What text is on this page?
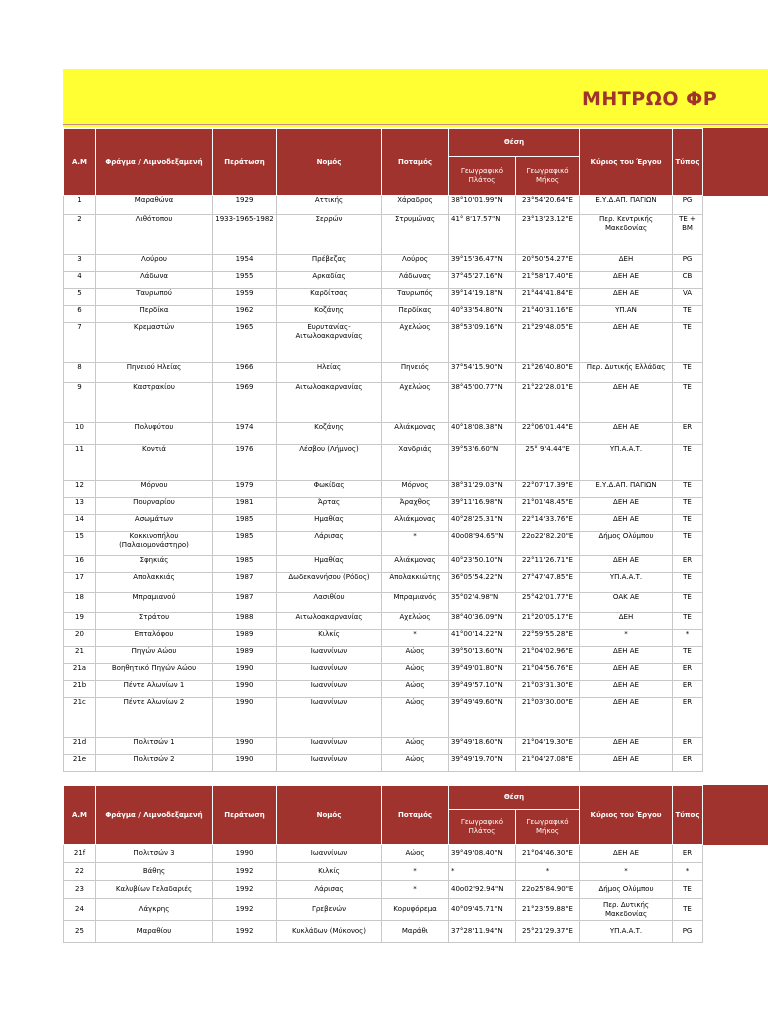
ΜΗΤΡΩΟ ΦΡ
Α.Μ	Φράγμα / Λιμνοδεξαμενή	Περάτωση	Νομός	Ποταμός	Θέση		Κύριος του Έργου	Τύπος
					Γεωγραφικό Πλάτος	Γεωγραφικό Μήκος		
1	Μαραθώνα	1929	Αττικής	Χάραδρος	38°10'01.99"N	23°54'20.64"E	Ε.Υ.Δ.ΑΠ. ΠΑΓΙΩΝ	PG
2	Λιθότοπου	1933-1965-1982	Σερρών	Στρυμώνας	41° 8'17.57"N	23°13'23.12"E	Περ. Κεντρικής Μακεδονίας	TE + BM
3	Λούρου	1954	Πρέβεζας	Λούρος	39°15'36.47"N	20°50'54.27"E	ΔΕΗ	PG
4	Λάδωνα	1955	Αρκαδίας	Λάδωνας	37°45'27.16"N	21°58'17.40"E	ΔΕΗ ΑΕ	CB
5	Ταυρωπού	1959	Καρδίτσας	Ταυρωπός	39°14'19.18"N	21°44'41.84"E	ΔΕΗ ΑΕ	VA
6	Περδίκα	1962	Κοζάνης	Περδίκας	40°33'54.80"N	21°40'31.16"E	ΥΠ.ΑΝ	TE
7	Κρεμαστών	1965	Ευρυτανίας-Αιτωλοακαρνανίας	Αχελώος	38°53'09.16"N	21°29'48.05"E	ΔΕΗ ΑΕ	TE
8	Πηνειού Ηλείας	1966	Ηλείας	Πηνειός	37°54'15.90"N	21°26'40.80"E	Περ. Δυτικής Ελλάδας	TE
9	Καστρακίου	1969	Αιτωλοακαρνανίας	Αχελώος	38°45'00.77"N	21°22'28.01"E	ΔΕΗ ΑΕ	TE
10	Πολυφύτου	1974	Κοζάνης	Αλιάκμονας	40°18'08.38"N	22°06'01.44"E	ΔΕΗ ΑΕ	ER
11	Κοντιά	1976	Λέσβου (Λήμνος)	Χανδριάς	39°53'6.60"N	25° 9'4.44"E	ΥΠ.Α.Α.Τ.	TE
12	Μόρνου	1979	Φωκίδας	Μόρνος	38°31'29.03"N	22°07'17.39"E	Ε.Υ.Δ.ΑΠ. ΠΑΓΙΩΝ	TE
13	Πουρναρίου	1981	Άρτας	Άραχθος	39°11'16.98"N	21°01'48.45"E	ΔΕΗ ΑΕ	TE
14	Ασωμάτων	1985	Ημαθίας	Αλιάκμονας	40°28'25.31"N	22°14'33.76"E	ΔΕΗ ΑΕ	TE
15	Κοκκινοπήλου (Παλαιομονάστηρο)	1985	Λάρισας	*	40ο08'94.65"N	22ο22'82.20"E	Δήμος Ολύμπου	TE
16	Σφηκιάς	1985	Ημαθίας	Αλιάκμονας	40°23'50.10"N	22°11'26.71"E	ΔΕΗ ΑΕ	ER
17	Απολακκιάς	1987	Δωδεκαννήσου (Ρόδος)	Απολακκιώτης	36°05'54.22"N	27°47'47.85"E	ΥΠ.Α.Α.Τ.	TE
18	Μπραμιανού	1987	Λασιθίου	Μπραμιανός	35°02'4.98"N	25°42'01.77"E	ΟΑΚ ΑΕ	TE
19	Στράτου	1988	Αιτωλοακαρνανίας	Αχελώος	38°40'36.09"N	21°20'05.17"E	ΔΕΗ	TE
20	Επταλόφου	1989	Κιλκίς	*	41°00'14.22"N	22°59'55.28"E	*	*
21	Πηγών Αώου	1989	Ιωαννίνων	Αώος	39°50'13.60"N	21°04'02.96"E	ΔΕΗ ΑΕ	TE
21a	Βοηθητικό Πηγών Αώου	1990	Ιωαννίνων	Αώος	39°49'01.80"N	21°04'56.76"E	ΔΕΗ ΑΕ	ER
21b	Πέντε Αλωνίων 1	1990	Ιωαννίνων	Αώος	39°49'57.10"N	21°03'31.30"E	ΔΕΗ ΑΕ	ER
21c	Πέντε Αλωνίων 2	1990	Ιωαννίνων	Αώος	39°49'49.60"N	21°03'30.00"E	ΔΕΗ ΑΕ	ER
21d	Πολιτσών 1	1990	Ιωαννίνων	Αώος	39°49'18.60"N	21°04'19.30"E	ΔΕΗ ΑΕ	ER
21e	Πολιτσών 2	1990	Ιωαννίνων	Αώος	39°49'19.70"N	21°04'27.08"E	ΔΕΗ ΑΕ	ER
Α.Μ	Φράγμα / Λιμνοδεξαμενή	Περάτωση	Νομός	Ποταμός	Θέση		Κύριος του Έργου	Τύπος
					Γεωγραφικό Πλάτος	Γεωγραφικό Μήκος		
21f	Πολιτσών 3	1990	Ιωαννίνων	Αώος	39°49'08.40"N	21°04'46.30"E	ΔΕΗ ΑΕ	ER
22	Βάθης	1992	Κιλκίς	*	*	*	*	*
23	Καλυβίων Γελαδαριές	1992	Λάρισας	*	40ο02'92.94"N	22ο25'84.90"E	Δήμος Ολύμπου	TE
24	Λάγκρης	1992	Γρεβενών	Κορυφόρεμα	40°09'45.71"N	21°23'59.88"E	Περ. Δυτικής Μακεδονίας	TE
25	Μαραθίου	1992	Κυκλάδων (Μύκονος)	Μαράθι	37°28'11.94"N	25°21'29.37"E	ΥΠ.Α.Α.Τ.	PG
